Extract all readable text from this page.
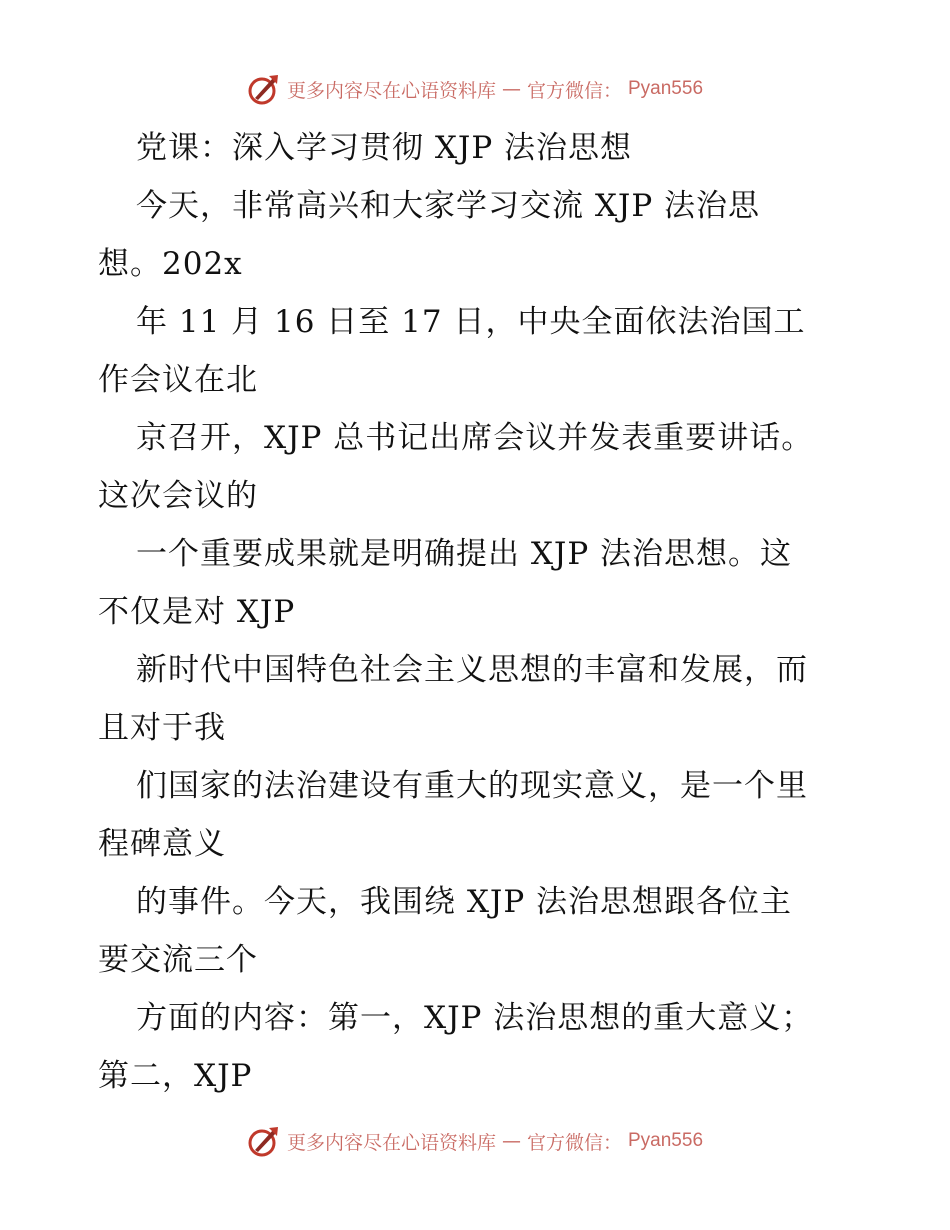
更多内容尽在心语资料库 — 官方微信： Pyan556
党课：深入学习贯彻 XJP 法治思想
今天，非常高兴和大家学习交流 XJP 法治思
想。202x
年 11 月 16 日至 17 日，中央全面依法治国工
作会议在北
京召开，XJP 总书记出席会议并发表重要讲话。
这次会议的
一个重要成果就是明确提出 XJP 法治思想。这
不仅是对 XJP
新时代中国特色社会主义思想的丰富和发展，而
且对于我
们国家的法治建设有重大的现实意义，是一个里
程碑意义
的事件。今天，我围绕 XJP 法治思想跟各位主
要交流三个
方面的内容：第一，XJP 法治思想的重大意义；
第二，XJP
更多内容尽在心语资料库 — 官方微信： Pyan556
